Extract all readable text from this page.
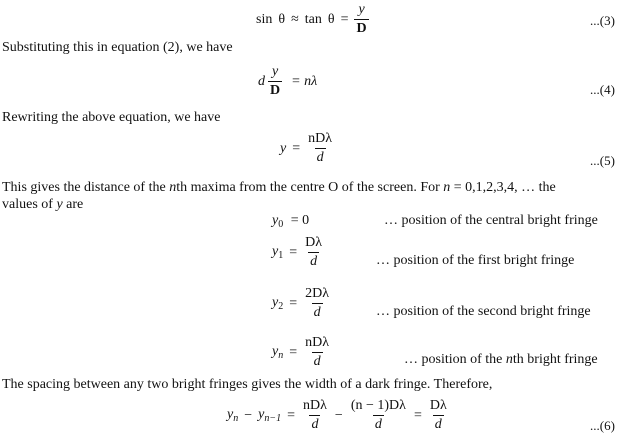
$\sin \theta \approx \tan \theta = \frac{y}{D}$	...(3)
Substituting this in equation (2), we have
d $\frac{y}{D} = n\lambda$
...(4)
Rewriting the above equation, we have
$y = \frac{\text{nDλ}}{d}$	...(5)
This gives the distance of the nth maxima from the centre O of the screen. For n = 0,1,2,3,4, … the
values of y are
$y_0 = 0$	… position of the central bright fringe
$y_1 = \frac{D\lambda}{d}$	… position of the first bright fringe
$y_2 = \frac{2D\lambda}{d}$	… position of the second bright fringe
$y_n = \frac{\text{nDλ}}{d}$	… position of the nth bright fringe
The spacing between any two bright fringes gives the width of a dark fringe. Therefore,
$y_n - y_{n-1} = \frac{\text{nDλ}}{d} - \frac{(n - 1)D\lambda}{d} = \frac{D\lambda}{d}$	...(6)
